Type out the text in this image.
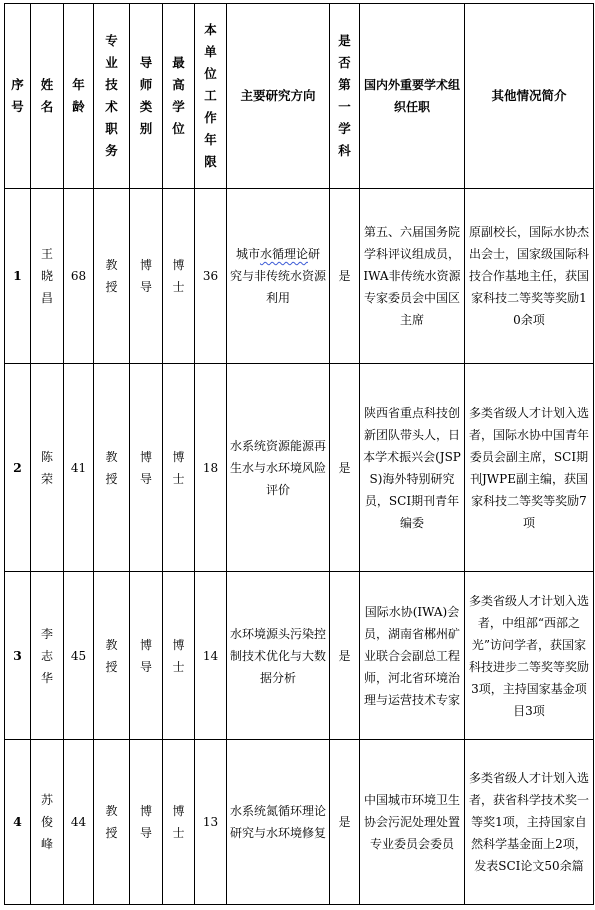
序号	姓名	年龄	专业技术职务	导师类别	最高学位	本单位工作年限	主要研究方向	是否第一学科	国内外重要学术组织任职	其他情况简介
1	王晓昌	68	教授	博导	博士	36	城市水循理论研究与非传统水资源利用	是	第五、六届国务院学科评议组成员，IWA非传统水资源专家委员会中国区主席	原副校长，国际水协杰出会士，国家级国际科技合作基地主任，获国家科技二等奖等奖励10余项

2	陈荣	41	教授	博导	博士	18	水系统资源能源再生水与水环境风险评价	是	陕西省重点科技创新团队带头人，日本学术振兴会(JSPS)海外特别研究员，SCI期刊青年编委	多类省级人才计划入选者，国际水协中国青年委员会副主席，SCI期刊JWPE副主编，获国家科技二等奖等奖励7项

3	李志华	45	教授	博导	博士	14	水环境源头污染控制技术优化与大数据分析	是	国际水协(IWA)会员，湖南省郴州矿业联合会副总工程师，河北省环境治理与运营技术专家	多类省级人才计划入选者，中组部“西部之光”访问学者，获国家科技进步二等奖等奖励3项，主持国家基金项目3项

4	苏俊峰	44	教授	博导	博士	13	水系统氮循环理论研究与水环境修复	是	中国城市环境卫生协会污泥处理处置专业委员会委员	多类省级人才计划入选者，获省科学技术奖一等奖1项，主持国家自然科学基金面上2项，发表SCI论文50余篇
